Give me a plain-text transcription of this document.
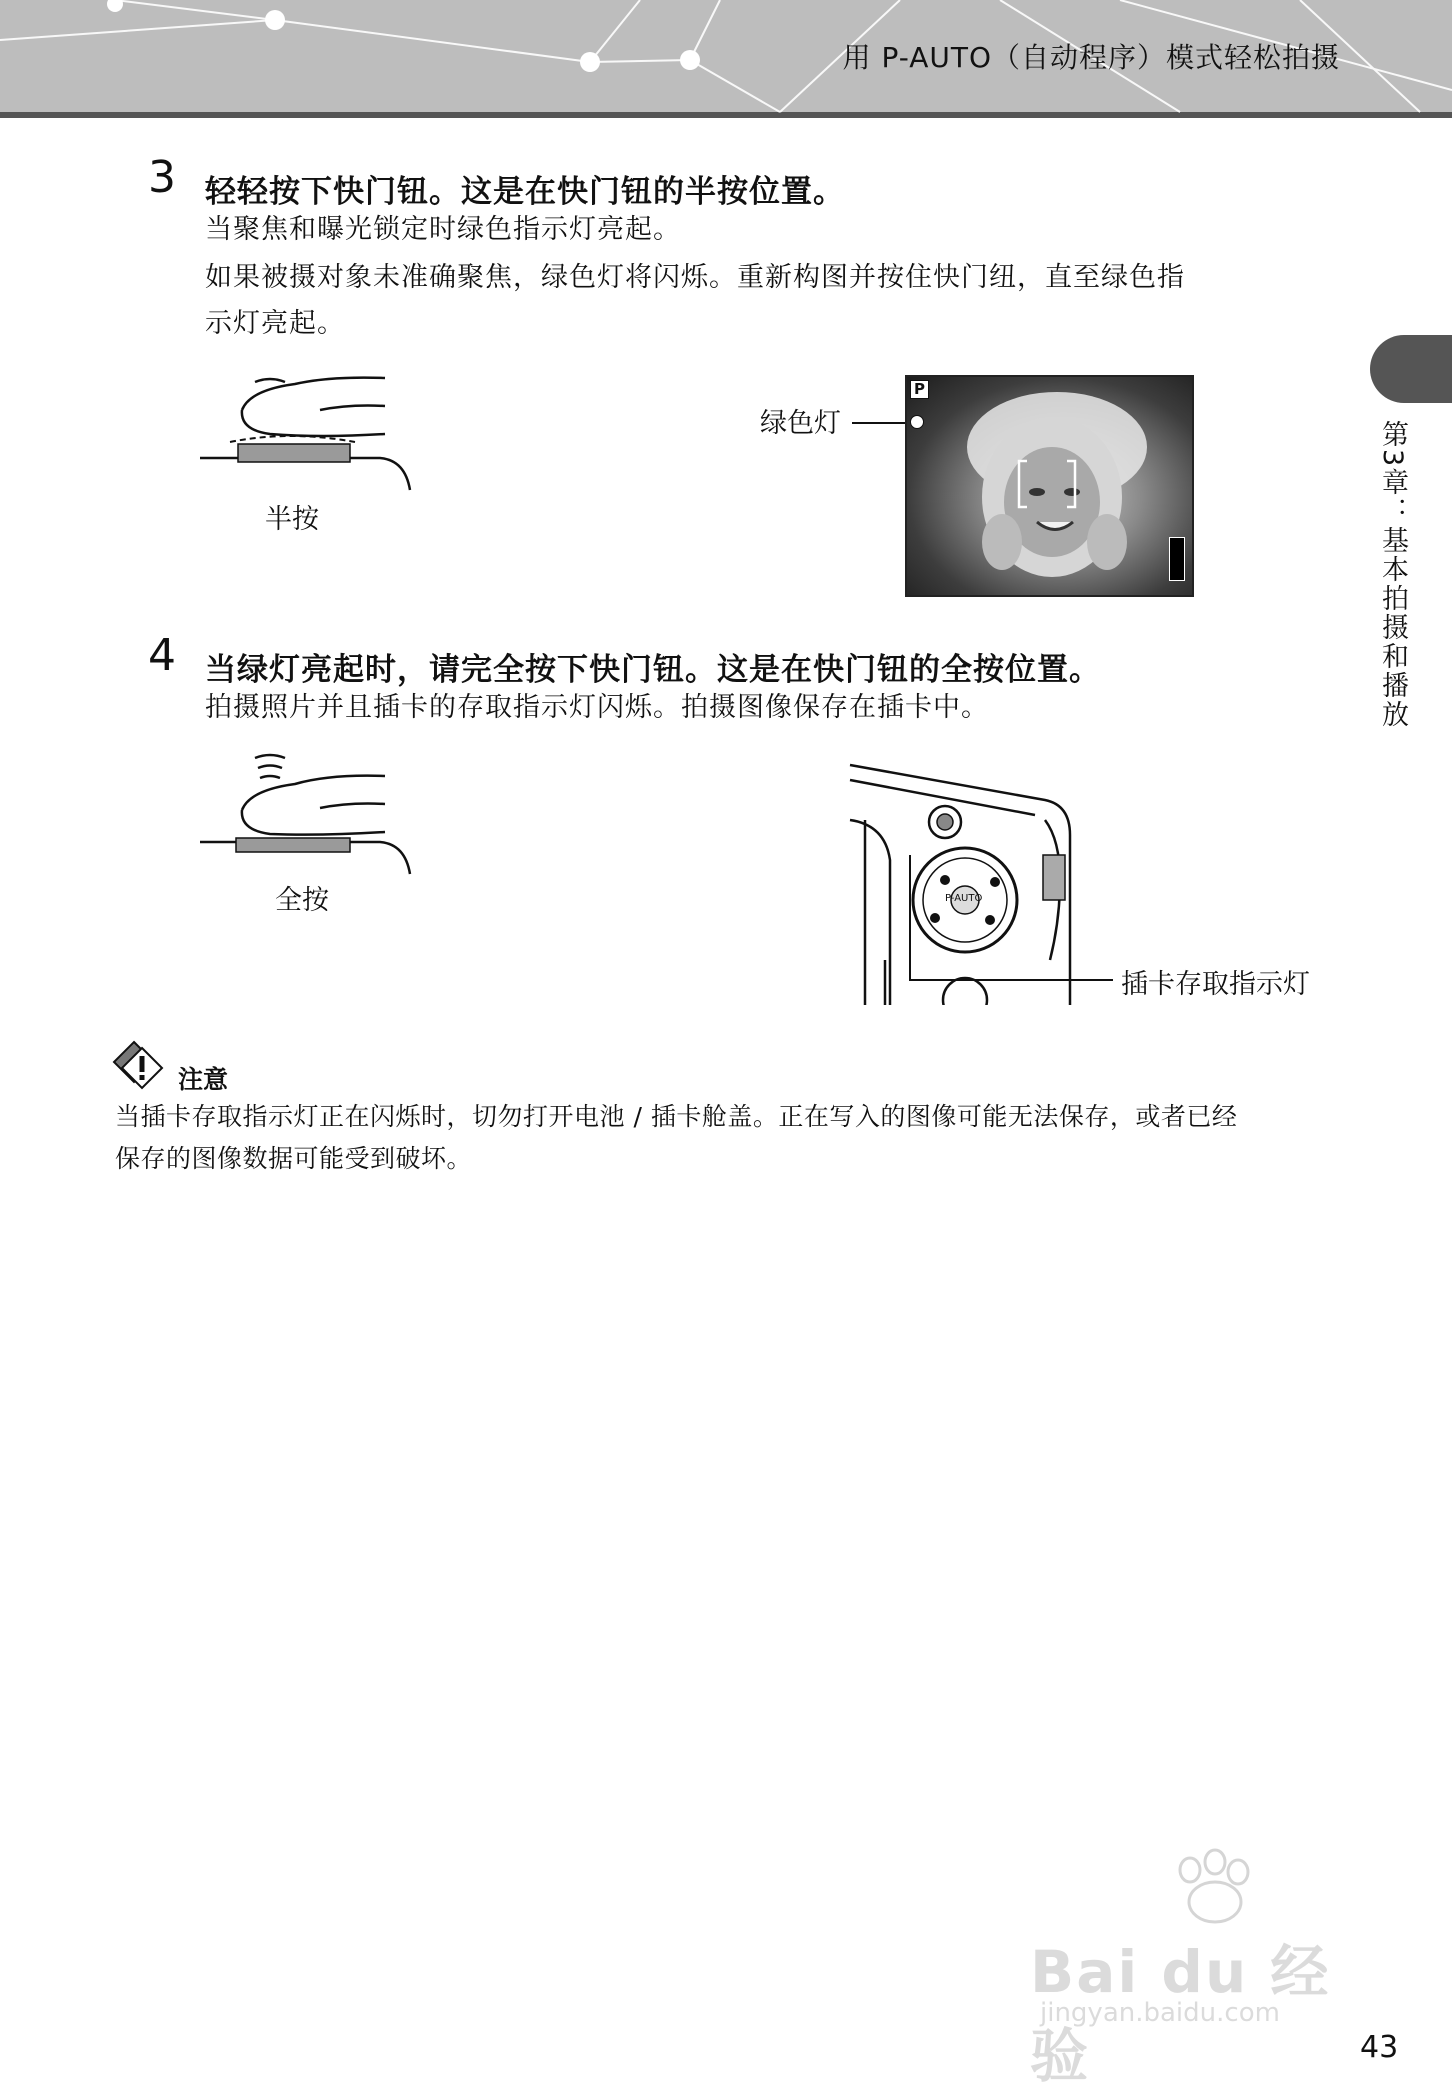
用 P-AUTO（自动程序）模式轻松拍摄
第3章：基本拍摄和播放
3 轻轻按下快门钮。这是在快门钮的半按位置。
当聚焦和曝光锁定时绿色指示灯亮起。
如果被摄对象未准确聚焦，绿色灯将闪烁。重新构图并按住快门纽，直至绿色指
示灯亮起。
半按
绿色灯
P
4 当绿灯亮起时，请完全按下快门钮。这是在快门钮的全按位置。
拍摄照片并且插卡的存取指示灯闪烁。拍摄图像保存在插卡中。
全按	P-AUTO
插卡存取指示灯
注意
当插卡存取指示灯正在闪烁时，切勿打开电池 / 插卡舱盖。正在写入的图像可能无法保存，或者已经
保存的图像数据可能受到破坏。
Bai du 经验
jingyan.baidu.com
43
